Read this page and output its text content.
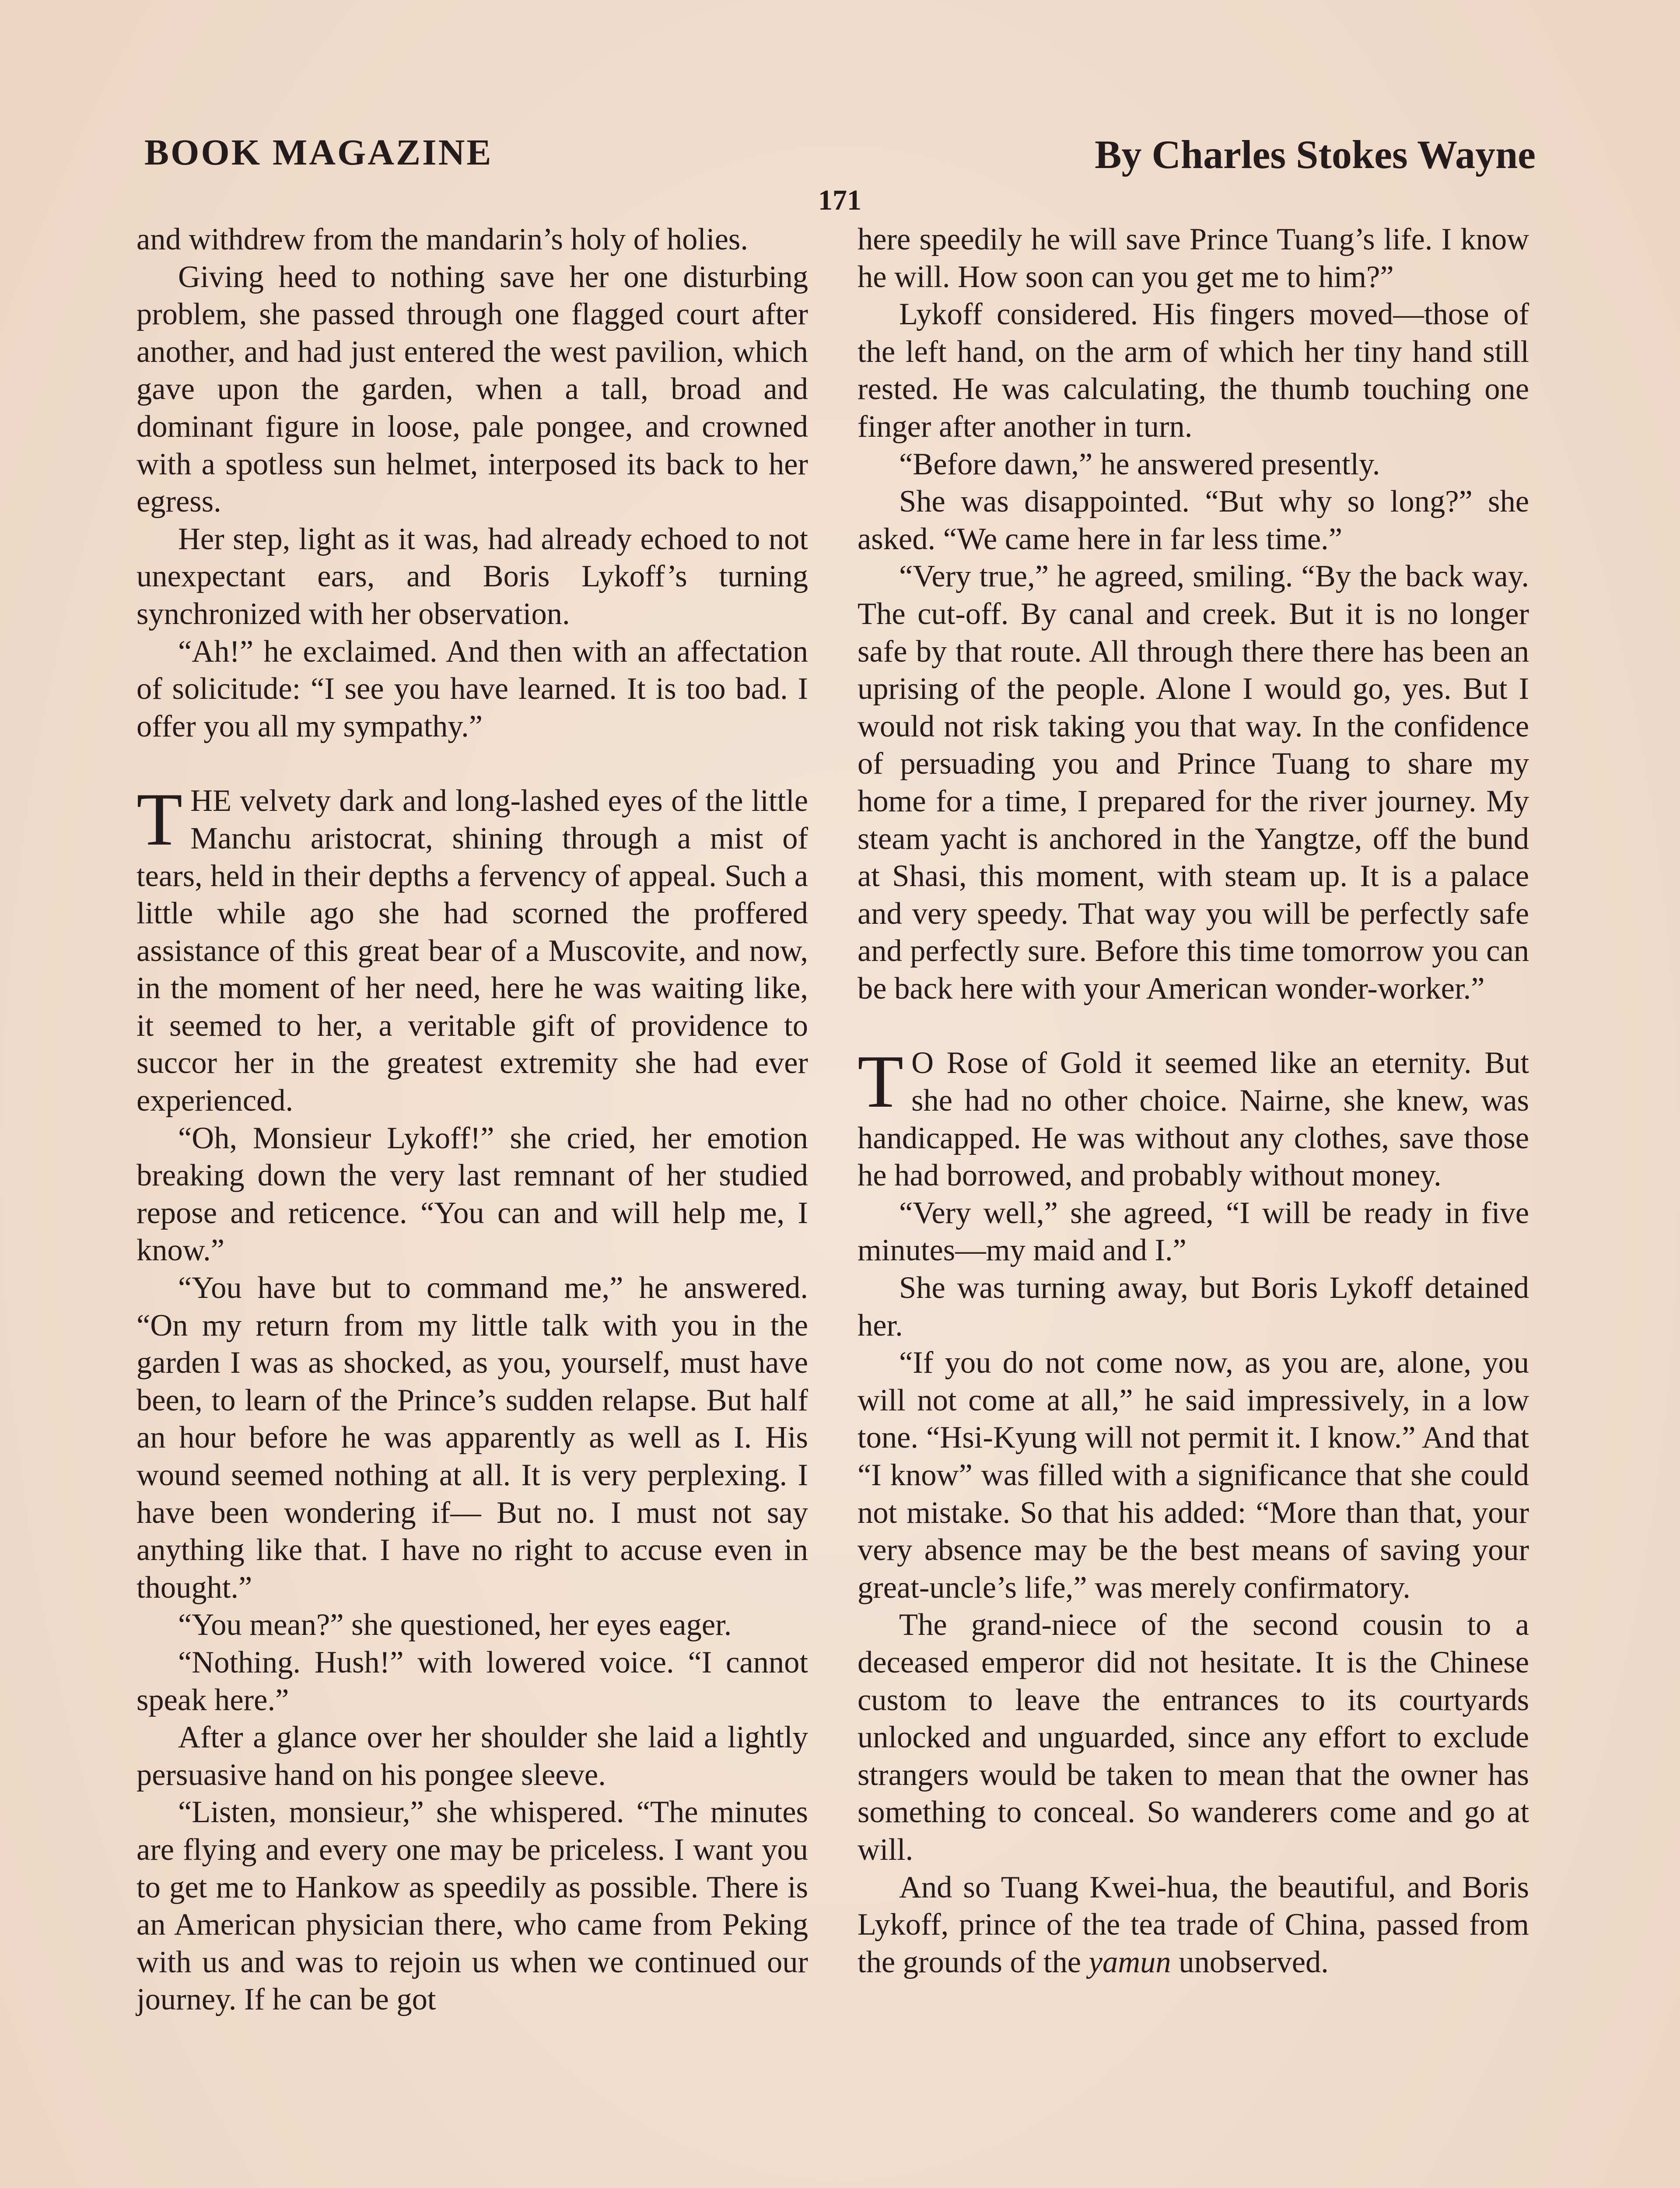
BOOK MAGAZINE	By Charles Stokes Wayne
171

and withdrew from the mandarin’s holy of holies.

Giving heed to nothing save her one disturbing problem, she passed through one flagged court after another, and had just entered the west pavilion, which gave upon the garden, when a tall, broad and dominant figure in loose, pale pongee, and crowned with a spotless sun helmet, interposed its back to her egress.

Her step, light as it was, had already echoed to not unexpectant ears, and Boris Lykoff’s turning synchronized with her observation.

“Ah!” he exclaimed. And then with an affectation of solicitude: “I see you have learned. It is too bad. I offer you all my sympathy.”

THE velvety dark and long-lashed eyes of the little Manchu aristocrat, shining through a mist of tears, held in their depths a fervency of appeal. Such a little while ago she had scorned the proffered assistance of this great bear of a Muscovite, and now, in the moment of her need, here he was waiting like, it seemed to her, a veritable gift of providence to succor her in the greatest extremity she had ever experienced.

“Oh, Monsieur Lykoff!” she cried, her emotion breaking down the very last remnant of her studied repose and reticence. “You can and will help me, I know.”

“You have but to command me,” he answered. “On my return from my little talk with you in the garden I was as shocked, as you, yourself, must have been, to learn of the Prince’s sudden relapse. But half an hour before he was apparently as well as I. His wound seemed nothing at all. It is very perplexing. I have been wondering if— But no. I must not say anything like that. I have no right to accuse even in thought.”

“You mean?” she questioned, her eyes eager.

“Nothing. Hush!” with lowered voice. “I cannot speak here.”

After a glance over her shoulder she laid a lightly persuasive hand on his pongee sleeve.

“Listen, monsieur,” she whispered. “The minutes are flying and every one may be priceless. I want you to get me to Hankow as speedily as possible. There is an American physician there, who came from Peking with us and was to rejoin us when we continued our journey. If he can be got

here speedily he will save Prince Tuang’s life. I know he will. How soon can you get me to him?”

Lykoff considered. His fingers moved—those of the left hand, on the arm of which her tiny hand still rested. He was calculating, the thumb touching one finger after another in turn.

“Before dawn,” he answered presently.

She was disappointed. “But why so long?” she asked. “We came here in far less time.”

“Very true,” he agreed, smiling. “By the back way. The cut-off. By canal and creek. But it is no longer safe by that route. All through there there has been an uprising of the people. Alone I would go, yes. But I would not risk taking you that way. In the confidence of persuading you and Prince Tuang to share my home for a time, I prepared for the river journey. My steam yacht is anchored in the Yangtze, off the bund at Shasi, this moment, with steam up. It is a palace and very speedy. That way you will be perfectly safe and perfectly sure. Before this time tomorrow you can be back here with your American wonder-worker.”

T O Rose of Gold it seemed like an eternity. But she had no other choice. Nairne, she knew, was handicapped. He was without any clothes, save those he had borrowed, and probably without money.

“Very well,” she agreed, “I will be ready in five minutes—my maid and I.”

She was turning away, but Boris Lykoff detained her.

“If you do not come now, as you are, alone, you will not come at all,” he said impressively, in a low tone. “Hsi-Kyung will not permit it. I know.” And that “I know” was filled with a significance that she could not mistake. So that his added: “More than that, your very absence may be the best means of saving your great-uncle’s life,” was merely confirmatory.

The grand-niece of the second cousin to a deceased emperor did not hesitate. It is the Chinese custom to leave the entrances to its courtyards unlocked and unguarded, since any effort to exclude strangers would be taken to mean that the owner has something to conceal. So wanderers come and go at will.

And so Tuang Kwei-hua, the beautiful, and Boris Lykoff, prince of the tea trade of China, passed from the grounds of the yamun unobserved.
